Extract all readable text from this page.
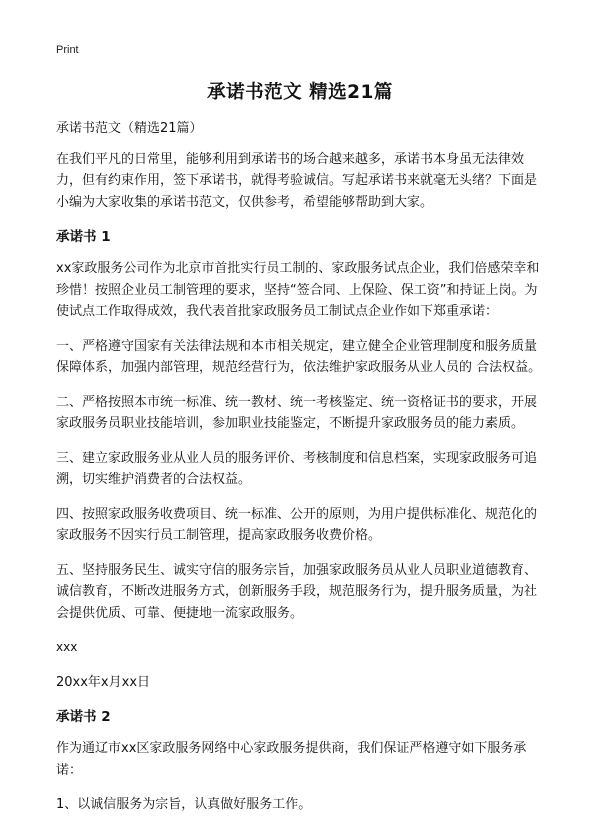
Print
承诺书范文 精选21篇

承诺书范文（精选21篇）

在我们平凡的日常里，能够利用到承诺书的场合越来越多，承诺书本身虽无法律效力，但有约束作用，签下承诺书，就得考验诚信。写起承诺书来就毫无头绪？下面是小编为大家收集的承诺书范文，仅供参考，希望能够帮助到大家。

承诺书 1

xx家政服务公司作为北京市首批实行员工制的、家政服务试点企业，我们倍感荣幸和珍惜！按照企业员工制管理的要求，坚持“签合同、上保险、保工资”和持证上岗。为使试点工作取得成效，我代表首批家政服务员工制试点企业作如下郑重承诺：

一、严格遵守国家有关法律法规和本市相关规定，建立健全企业管理制度和服务质量保障体系，加强内部管理，规范经营行为，依法维护家政服务从业人员的 合法权益。

二、严格按照本市统一标准、统一教材、统一考核鉴定、统一资格证书的要求，开展家政服务员职业技能培训，参加职业技能鉴定，不断提升家政服务员的能力素质。

三、建立家政服务业从业人员的服务评价、考核制度和信息档案，实现家政服务可追溯，切实维护消费者的合法权益。

四、按照家政服务收费项目、统一标准、公开的原则，为用户提供标准化、规范化的家政服务不因实行员工制管理，提高家政服务收费价格。

五、坚持服务民生、诚实守信的服务宗旨，加强家政服务员从业人员职业道德教育、诚信教育，不断改进服务方式，创新服务手段，规范服务行为，提升服务质量，为社会提供优质、可靠、便捷地一流家政服务。

xxx

20xx年x月xx日

承诺书 2

作为通辽市xx区家政服务网络中心家政服务提供商，我们保证严格遵守如下服务承诺：

1、以诚信服务为宗旨，认真做好服务工作。
